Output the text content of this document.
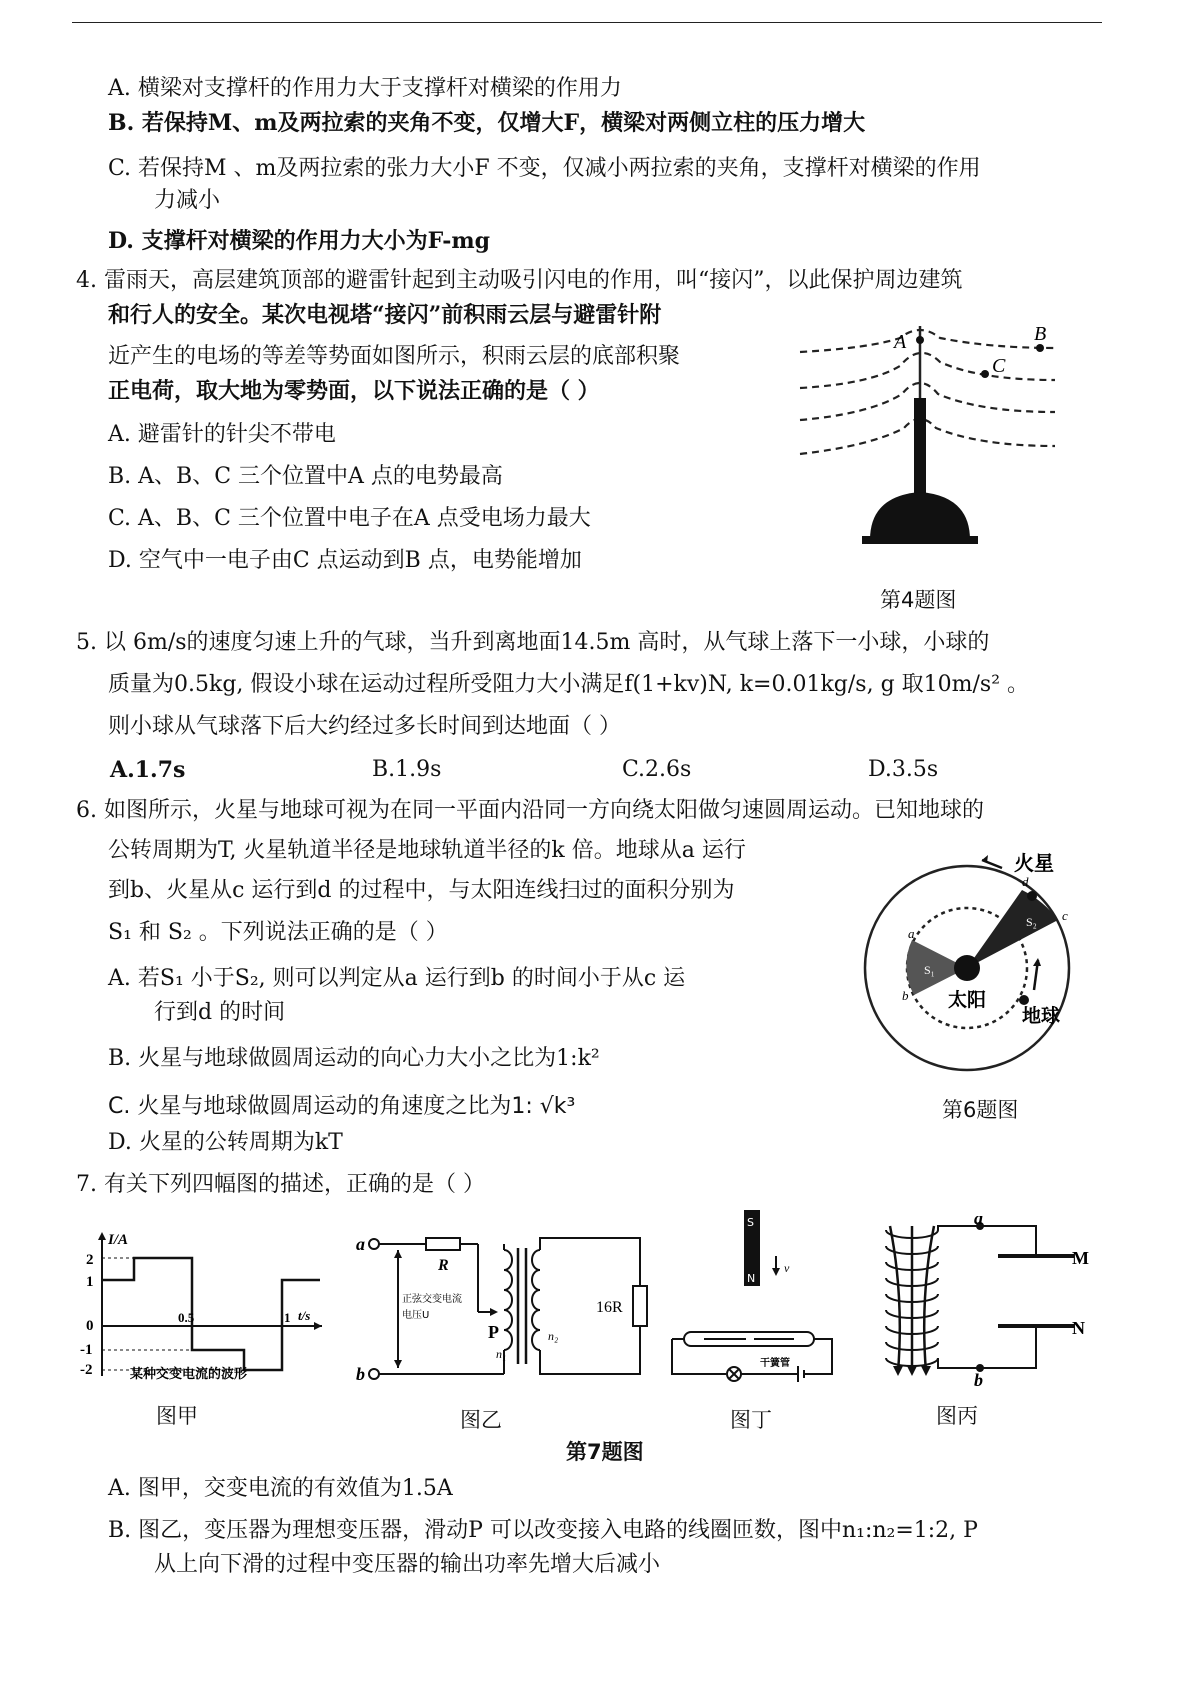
A. 横梁对支撑杆的作用力大于支撑杆对横梁的作用力
B. 若保持M、m及两拉索的夹角不变，仅增大F，横梁对两侧立柱的压力增大
C. 若保持M 、m及两拉索的张力大小F 不变，仅减小两拉索的夹角，支撑杆对横梁的作用
力减小
D. 支撑杆对横梁的作用力大小为F-mg
4. 雷雨天，高层建筑顶部的避雷针起到主动吸引闪电的作用，叫“接闪”，以此保护周边建筑
和行人的安全。某次电视塔“接闪”前积雨云层与避雷针附
近产生的电场的等差等势面如图所示，积雨云层的底部积聚
正电荷，取大地为零势面，以下说法正确的是（ ）
A. 避雷针的针尖不带电
B. A、B、C 三个位置中A 点的电势最高
C. A、B、C 三个位置中电子在A 点受电场力最大
D. 空气中一电子由C 点运动到B 点，电势能增加
A	B
C
第4题图
5. 以 6m/s的速度匀速上升的气球，当升到离地面14.5m 高时，从气球上落下一小球，小球的
质量为0.5kg, 假设小球在运动过程所受阻力大小满足f(1+kv)N, k=0.01kg/s, g 取10m/s² 。
则小球从气球落下后大约经过多长时间到达地面（ ）
A.1.7s	B.1.9s	C.2.6s	D.3.5s
6. 如图所示，火星与地球可视为在同一平面内沿同一方向绕太阳做匀速圆周运动。已知地球的
公转周期为T, 火星轨道半径是地球轨道半径的k 倍。地球从a 运行
到b、火星从c 运行到d 的过程中，与太阳连线扫过的面积分别为
S₁ 和 S₂ 。下列说法正确的是（ ）
A. 若S₁ 小于S₂, 则可以判定从a 运行到b 的时间小于从c 运
行到d 的时间
B. 火星与地球做圆周运动的向心力大小之比为1:k²
C. 火星与地球做圆周运动的角速度之比为1: √k³
D. 火星的公转周期为kT
火星
太阳
地球
a
b
c
d
S₂
S₁
第6题图
7. 有关下列四幅图的描述，正确的是（ ）
I/A
t/s
2
1
0
-1
-2
0.5	1
某种交变电流的波形
图甲
a
b
R
P
n₁
n₂
16R
正弦交变电流
电压U
图乙
S
N
v
干簧管
图丁
a
b
M
N
图丙
第7题图
A. 图甲，交变电流的有效值为1.5A
B. 图乙，变压器为理想变压器，滑动P 可以改变接入电路的线圈匝数，图中n₁:n₂=1:2, P
从上向下滑的过程中变压器的输出功率先增大后减小
